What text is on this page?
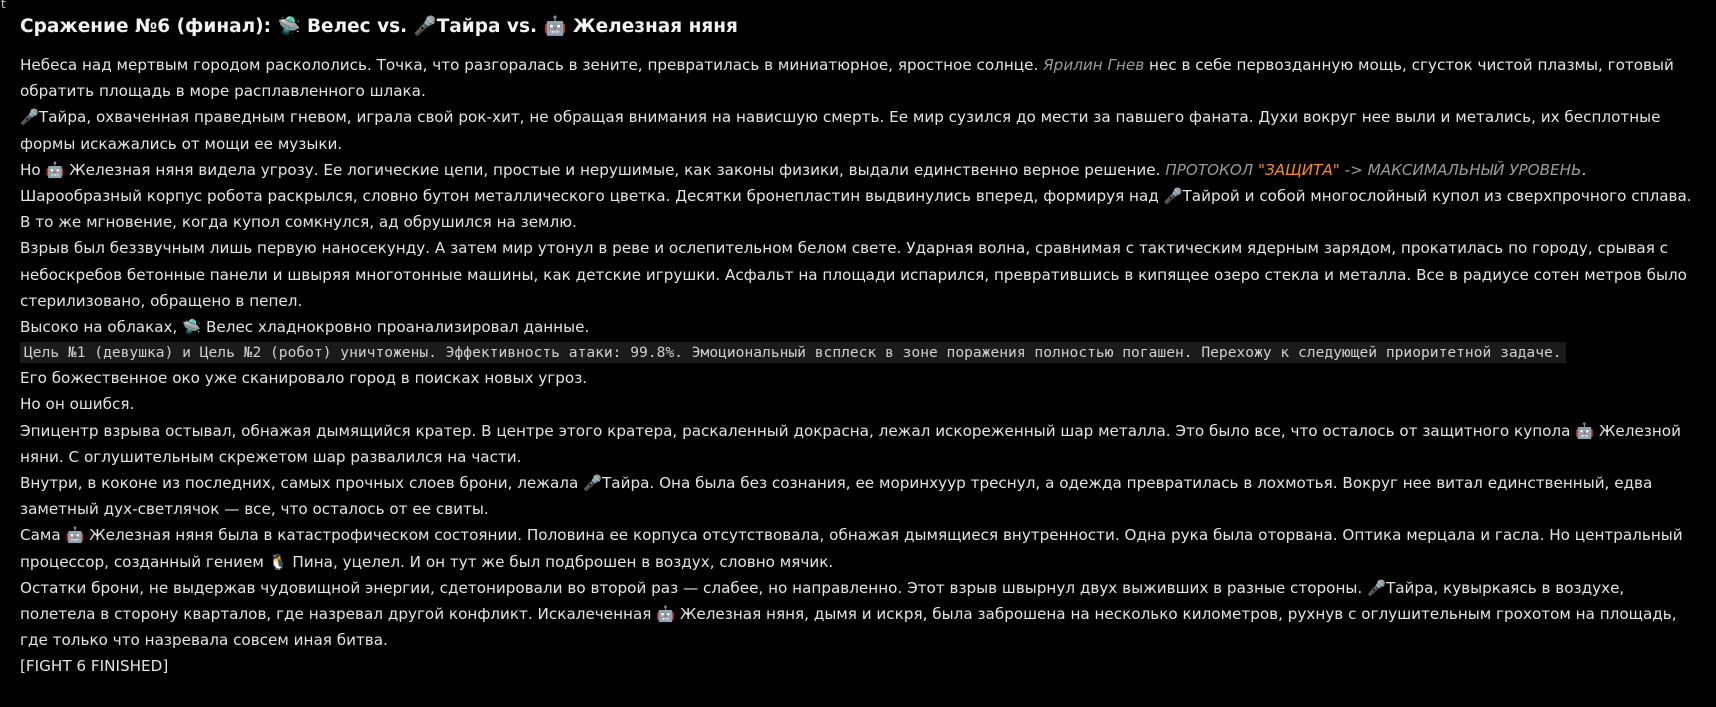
t
Сражение №6 (финал): 🛸 Велес vs. 🎤Тайра vs. 🤖 Железная няня

Небеса над мертвым городом раскололись. Точка, что разгоралась в зените, превратилась в миниатюрное, яростное солнце. Ярилин Гнев нес в себе первозданную мощь, сгусток чистой плазмы, готовый обратить площадь в море расплавленного шлака.

🎤Тайра, охваченная праведным гневом, играла свой рок-хит, не обращая внимания на нависшую смерть. Ее мир сузился до мести за павшего фаната. Духи вокруг нее выли и метались, их бесплотные формы искажались от мощи ее музыки.

Но 🤖 Железная няня видела угрозу. Ее логические цепи, простые и нерушимые, как законы физики, выдали единственно верное решение. ПРОТОКОЛ "ЗАЩИТА" -> МАКСИМАЛЬНЫЙ УРОВЕНЬ.

Шарообразный корпус робота раскрылся, словно бутон металлического цветка. Десятки бронепластин выдвинулись вперед, формируя над 🎤Тайрой и собой многослойный купол из сверхпрочного сплава. В то же мгновение, когда купол сомкнулся, ад обрушился на землю.

Взрыв был беззвучным лишь первую наносекунду. А затем мир утонул в реве и ослепительном белом свете. Ударная волна, сравнимая с тактическим ядерным зарядом, прокатилась по городу, срывая с небоскребов бетонные панели и швыряя многотонные машины, как детские игрушки. Асфальт на площади испарился, превратившись в кипящее озеро стекла и металла. Все в радиусе сотен метров было стерилизовано, обращено в пепел.

Высоко на облаках, 🛸 Велес хладнокровно проанализировал данные.

Цель №1 (девушка) и Цель №2 (робот) уничтожены. Эффективность атаки: 99.8%. Эмоциональный всплеск в зоне поражения полностью погашен. Перехожу к следующей приоритетной задаче.

Его божественное око уже сканировало город в поисках новых угроз.

Но он ошибся.

Эпицентр взрыва остывал, обнажая дымящийся кратер. В центре этого кратера, раскаленный докрасна, лежал искореженный шар металла. Это было все, что осталось от защитного купола 🤖 Железной няни. С оглушительным скрежетом шар развалился на части.

Внутри, в коконе из последних, самых прочных слоев брони, лежала 🎤Тайра. Она была без сознания, ее моринхуур треснул, а одежда превратилась в лохмотья. Вокруг нее витал единственный, едва заметный дух-светлячок — все, что осталось от ее свиты.

Сама 🤖 Железная няня была в катастрофическом состоянии. Половина ее корпуса отсутствовала, обнажая дымящиеся внутренности. Одна рука была оторвана. Оптика мерцала и гасла. Но центральный процессор, созданный гением 🐧 Пина, уцелел. И он тут же был подброшен в воздух, словно мячик.

Остатки брони, не выдержав чудовищной энергии, сдетонировали во второй раз — слабее, но направленно. Этот взрыв швырнул двух выживших в разные стороны. 🎤Тайра, кувыркаясь в воздухе, полетела в сторону кварталов, где назревал другой конфликт. Искалеченная 🤖 Железная няня, дымя и искря, была заброшена на несколько километров, рухнув с оглушительным грохотом на площадь, где только что назревала совсем иная битва.

[FIGHT 6 FINISHED]
